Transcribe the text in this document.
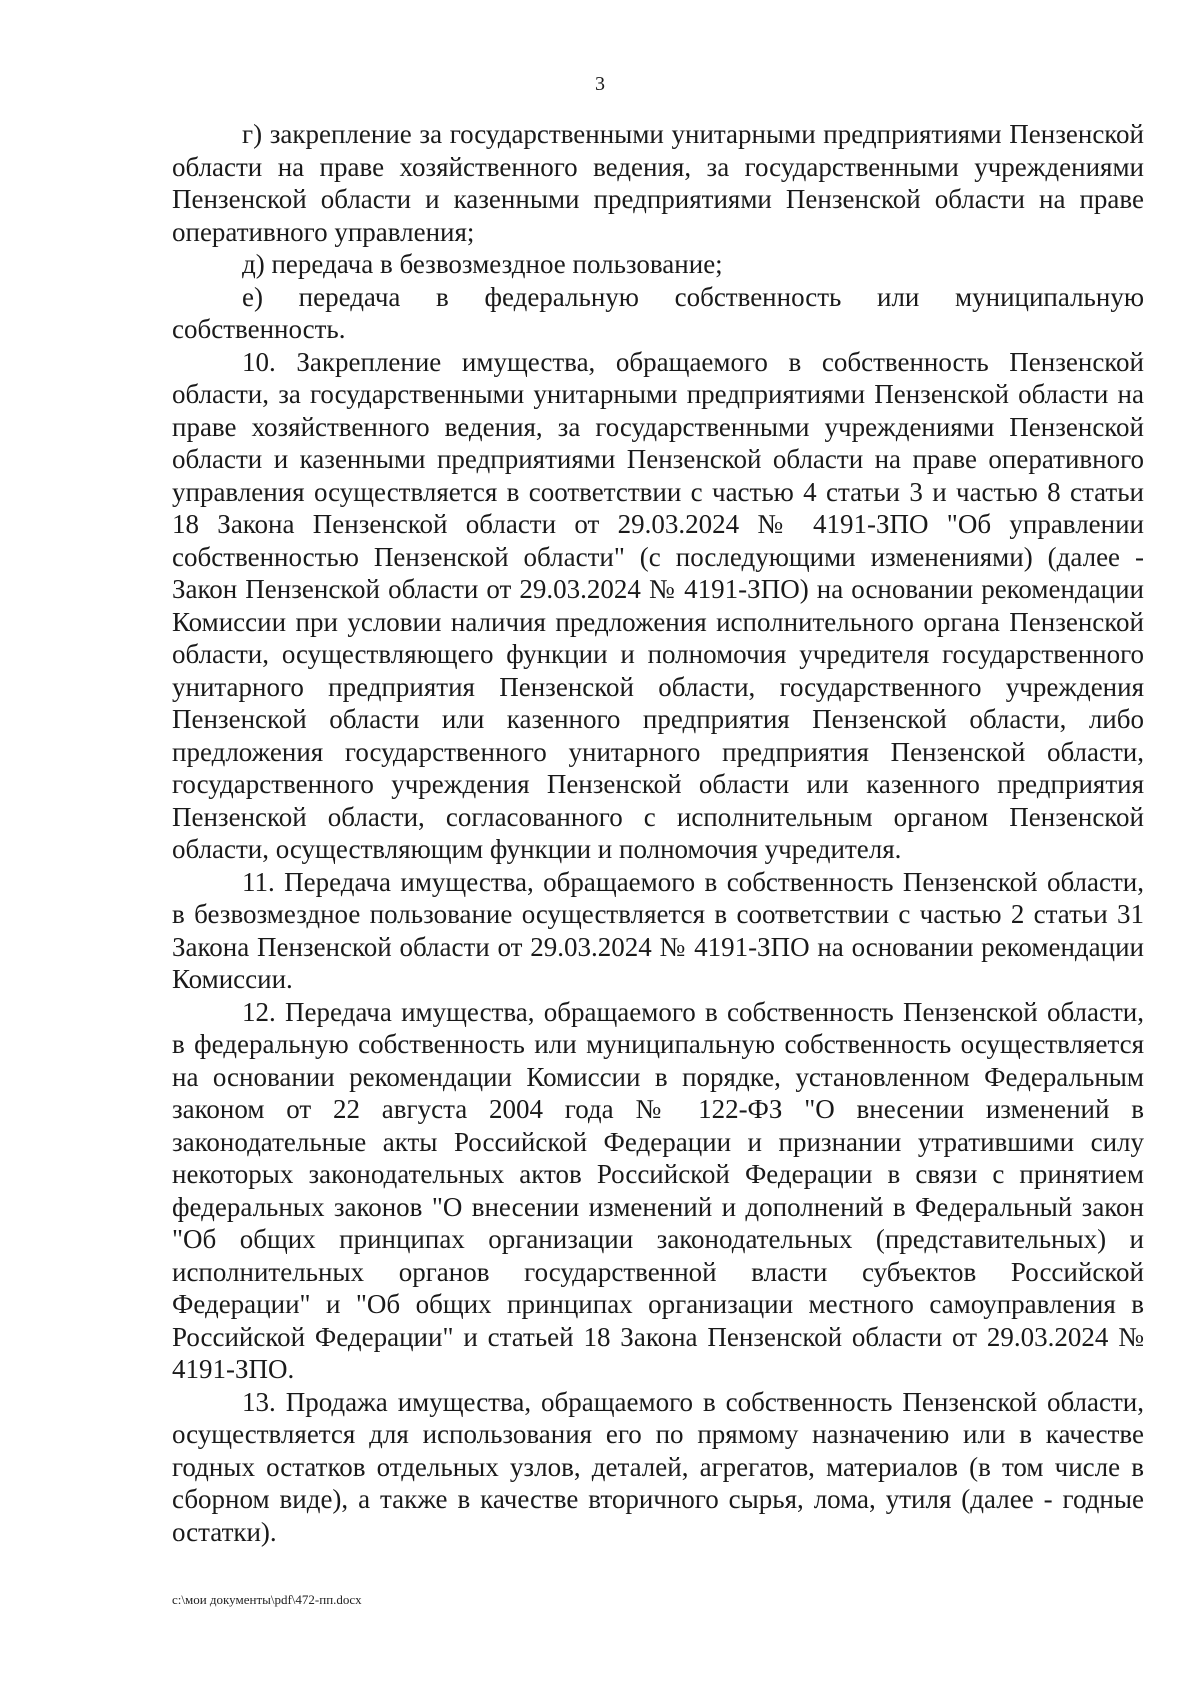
3

г) закрепление за государственными унитарными предприятиями Пензенской области на праве хозяйственного ведения, за государственными учреждениями Пензенской области и казенными предприятиями Пензенской области на праве оперативного управления;

д) передача в безвозмездное пользование;

е) передача в федеральную собственность или муниципальную собственность.

10. Закрепление имущества, обращаемого в собственность Пензенской области, за государственными унитарными предприятиями Пензенской области на праве хозяйственного ведения, за государственными учреждениями Пензенской области и казенными предприятиями Пензенской области на праве оперативного управления осуществляется в соответствии с частью 4 статьи 3 и частью 8 статьи 18 Закона Пензенской области от 29.03.2024 № 4191-ЗПО "Об управлении собственностью Пензенской области" (с последующими изменениями) (далее - Закон Пензенской области от 29.03.2024 № 4191-ЗПО) на основании рекомендации Комиссии при условии наличия предложения исполнительного органа Пензенской области, осуществляющего функции и полномочия учредителя государственного унитарного предприятия Пензенской области, государственного учреждения Пензенской области или казенного предприятия Пензенской области, либо предложения государственного унитарного предприятия Пензенской области, государственного учреждения Пензенской области или казенного предприятия Пензенской области, согласованного с исполнительным органом Пензенской области, осуществляющим функции и полномочия учредителя.

11. Передача имущества, обращаемого в собственность Пензенской области, в безвозмездное пользование осуществляется в соответствии с частью 2 статьи 31 Закона Пензенской области от 29.03.2024 № 4191-ЗПО на основании рекомендации Комиссии.

12. Передача имущества, обращаемого в собственность Пензенской области, в федеральную собственность или муниципальную собственность осуществляется на основании рекомендации Комиссии в порядке, установленном Федеральным законом от 22 августа 2004 года № 122-ФЗ "О внесении изменений в законодательные акты Российской Федерации и признании утратившими силу некоторых законодательных актов Российской Федерации в связи с принятием федеральных законов "О внесении изменений и дополнений в Федеральный закон "Об общих принципах организации законодательных (представительных) и исполнительных органов государственной власти субъектов Российской Федерации" и "Об общих принципах организации местного самоуправления в Российской Федерации" и статьей 18 Закона Пензенской области от 29.03.2024 № 4191-ЗПО.

13. Продажа имущества, обращаемого в собственность Пензенской области, осуществляется для использования его по прямому назначению или в качестве годных остатков отдельных узлов, деталей, агрегатов, материалов (в том числе в сборном виде), а также в качестве вторичного сырья, лома, утиля (далее - годные остатки).

c:\мои документы\pdf\472-пп.docx
